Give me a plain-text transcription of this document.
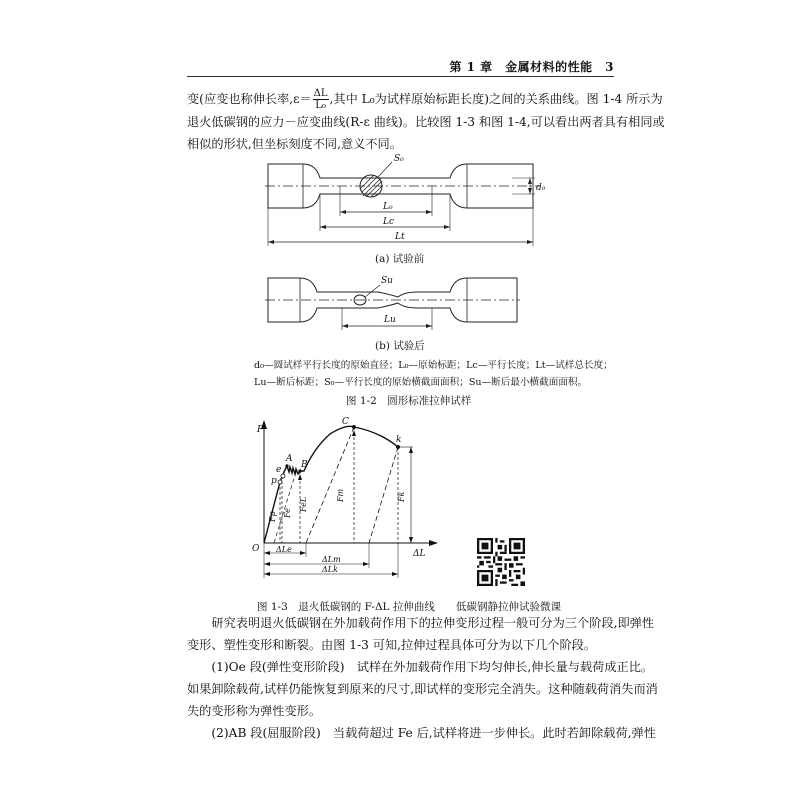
第 1 章　金属材料的性能　3
变(应变也称伸长率$,\varepsilon= \frac{\Delta L}{\text{L₀}}$ ,其中 L₀为试样原始标距长度)之间的关系曲线。图 1-4 所示为
退火低碳钢的应力－应变曲线(R-ε 曲线)。比较图 1-3 和图 1-4,可以看出两者具有相同或
相似的形状,但坐标刻度不同,意义不同。
S₀
d₀
L₀
Lc
Lt
(a) 试验前
Su
Lu
(b) 试验后
d₀—圆试样平行长度的原始直径；L₀—原始标距；Lc—平行长度；Lt—试样总长度；
Lu—断后标距；S₀—平行长度的原始横截面面积；Su—断后最小横截面面积。
图 1-2　圆形标准拉伸试样
F
ΔL
O
C
k
A
B
e
p
Fp Fe
FeL
Fm	Fk
ΔLe
ΔLm
ΔLk
图 1-3　退火低碳钢的 F-ΔL 拉伸曲线 低碳钢静拉伸试验微课
研究表明退火低碳钢在外加载荷作用下的拉伸变形过程一般可分为三个阶段,即弹性
变形、塑性变形和断裂。由图 1-3 可知,拉伸过程具体可分为以下几个阶段。
(1)Oe 段(弹性变形阶段)　试样在外加载荷作用下均匀伸长,伸长量与载荷成正比。
如果卸除载荷,试样仍能恢复到原来的尺寸,即试样的变形完全消失。这种随载荷消失而消
失的变形称为弹性变形。
(2)AB 段(屈服阶段)　当载荷超过 Fe 后,试样将进一步伸长。此时若卸除载荷,弹性
